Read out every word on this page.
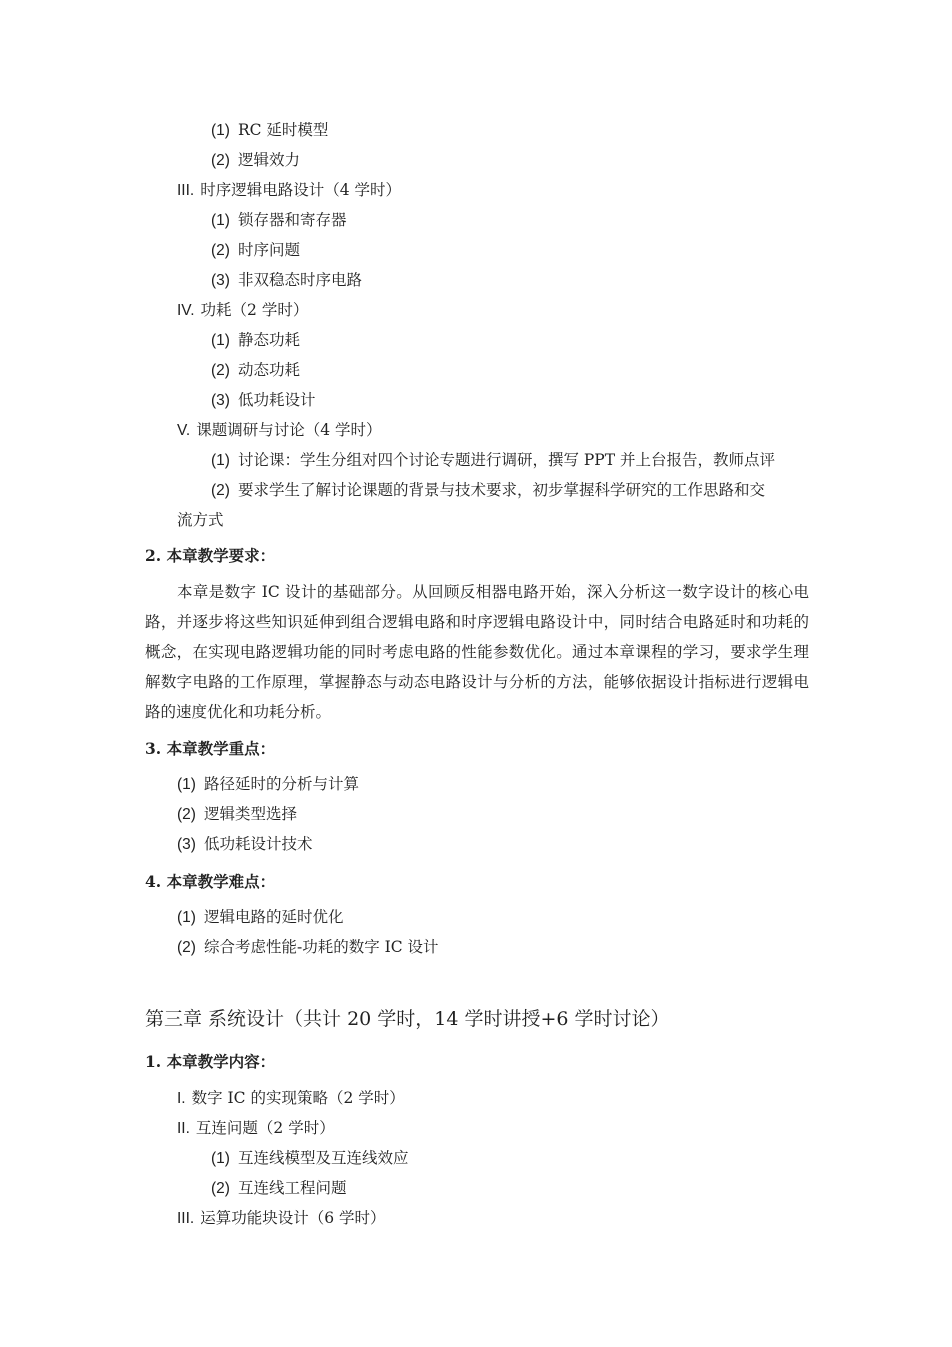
(1) RC 延时模型
(2) 逻辑效力
III. 时序逻辑电路设计（4 学时）
(1) 锁存器和寄存器
(2) 时序问题
(3) 非双稳态时序电路
IV. 功耗（2 学时）
(1) 静态功耗
(2) 动态功耗
(3) 低功耗设计
V. 课题调研与讨论（4 学时）
(1) 讨论课：学生分组对四个讨论专题进行调研，撰写 PPT 并上台报告，教师点评
(2) 要求学生了解讨论课题的背景与技术要求，初步掌握科学研究的工作思路和交
流方式
2. 本章教学要求：
本章是数字 IC 设计的基础部分。从回顾反相器电路开始，深入分析这一数字设计的核心电路，并逐步将这些知识延伸到组合逻辑电路和时序逻辑电路设计中，同时结合电路延时和功耗的概念，在实现电路逻辑功能的同时考虑电路的性能参数优化。通过本章课程的学习，要求学生理解数字电路的工作原理，掌握静态与动态电路设计与分析的方法，能够依据设计指标进行逻辑电路的速度优化和功耗分析。
3. 本章教学重点：
(1) 路径延时的分析与计算
(2) 逻辑类型选择
(3) 低功耗设计技术
4. 本章教学难点：
(1) 逻辑电路的延时优化
(2) 综合考虑性能-功耗的数字 IC 设计
第三章 系统设计（共计 20 学时，14 学时讲授+6 学时讨论）
1. 本章教学内容：
I. 数字 IC 的实现策略（2 学时）
II. 互连问题（2 学时）
(1) 互连线模型及互连线效应
(2) 互连线工程问题
III. 运算功能块设计（6 学时）
